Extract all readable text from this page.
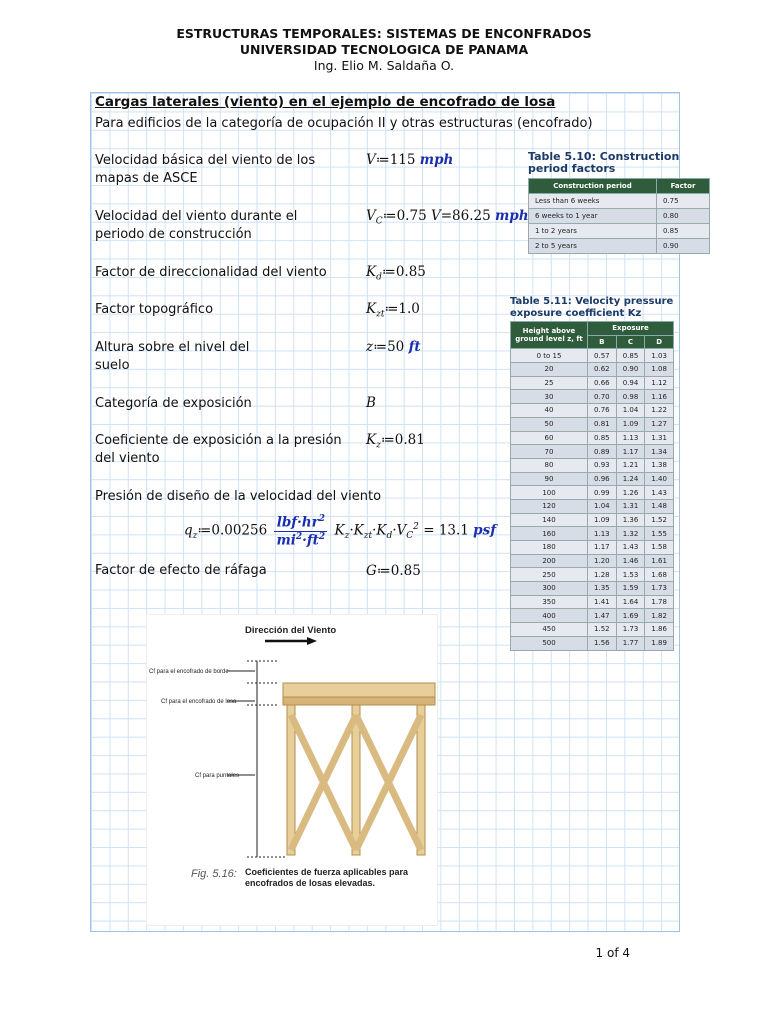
ESTRUCTURAS TEMPORALES: SISTEMAS DE ENCONFRADOS
UNIVERSIDAD TECNOLOGICA DE PANAMA
Ing. Elio M. Saldaña O.
Cargas laterales (viento) en el ejemplo de encofrado de losa
Para edificios de la categoría de ocupación II y otras estructuras (encofrado)
Velocidad básica del viento de los mapas de ASCE
V≔115 mph
Velocidad del viento durante el periodo de construcción
$V_C≔0.75$ V=86.25 mph
Factor de direccionalidad del viento	$K_d≔0.85$
Factor topográfico	$K_{zt}≔1.0$
Altura sobre el nivel del suelo
z≔50 ft
Categoría de exposición	B
Coeficiente de exposición a la presión del viento
$K_z≔0.81$
Presión de diseño de la velocidad del viento
$q_z≔0.00256 \frac{lbf\cdot hr^2}{mi^2\cdot ft^2} K_z\cdot K_{zt}\cdot K_d\cdot V_C^2 = 13.1$ psf
Factor de efecto de ráfaga	G≔0.85
Table 5.10: Construction period factors
Construction period	Factor
Less than 6 weeks	0.75
6 weeks to 1 year	0.80
1 to 2 years	0.85
2 to 5 years	0.90
Table 5.11: Velocity pressure exposure coefficient Kz
Height above ground level z, ft	Exposure		
	B	C	D
0 to 15	0.57	0.85	1.03
20	0.62	0.90	1.08
25	0.66	0.94	1.12
30	0.70	0.98	1.16
40	0.76	1.04	1.22
50	0.81	1.09	1.27
60	0.85	1.13	1.31
70	0.89	1.17	1.34
80	0.93	1.21	1.38
90	0.96	1.24	1.40
100	0.99	1.26	1.43
120	1.04	1.31	1.48
140	1.09	1.36	1.52
160	1.13	1.32	1.55
180	1.17	1.43	1.58
200	1.20	1.46	1.61
250	1.28	1.53	1.68
300	1.35	1.59	1.73
350	1.41	1.64	1.78
400	1.47	1.69	1.82
450	1.52	1.73	1.86
500	1.56	1.77	1.89
Dirección del Viento
Cf para el encofrado de borde
Cf para el encofrado de losa
Cf para puntales
Fig. 5.16: Coeficientes de fuerza aplicables para encofrados de losas elevadas.
1 of 4
